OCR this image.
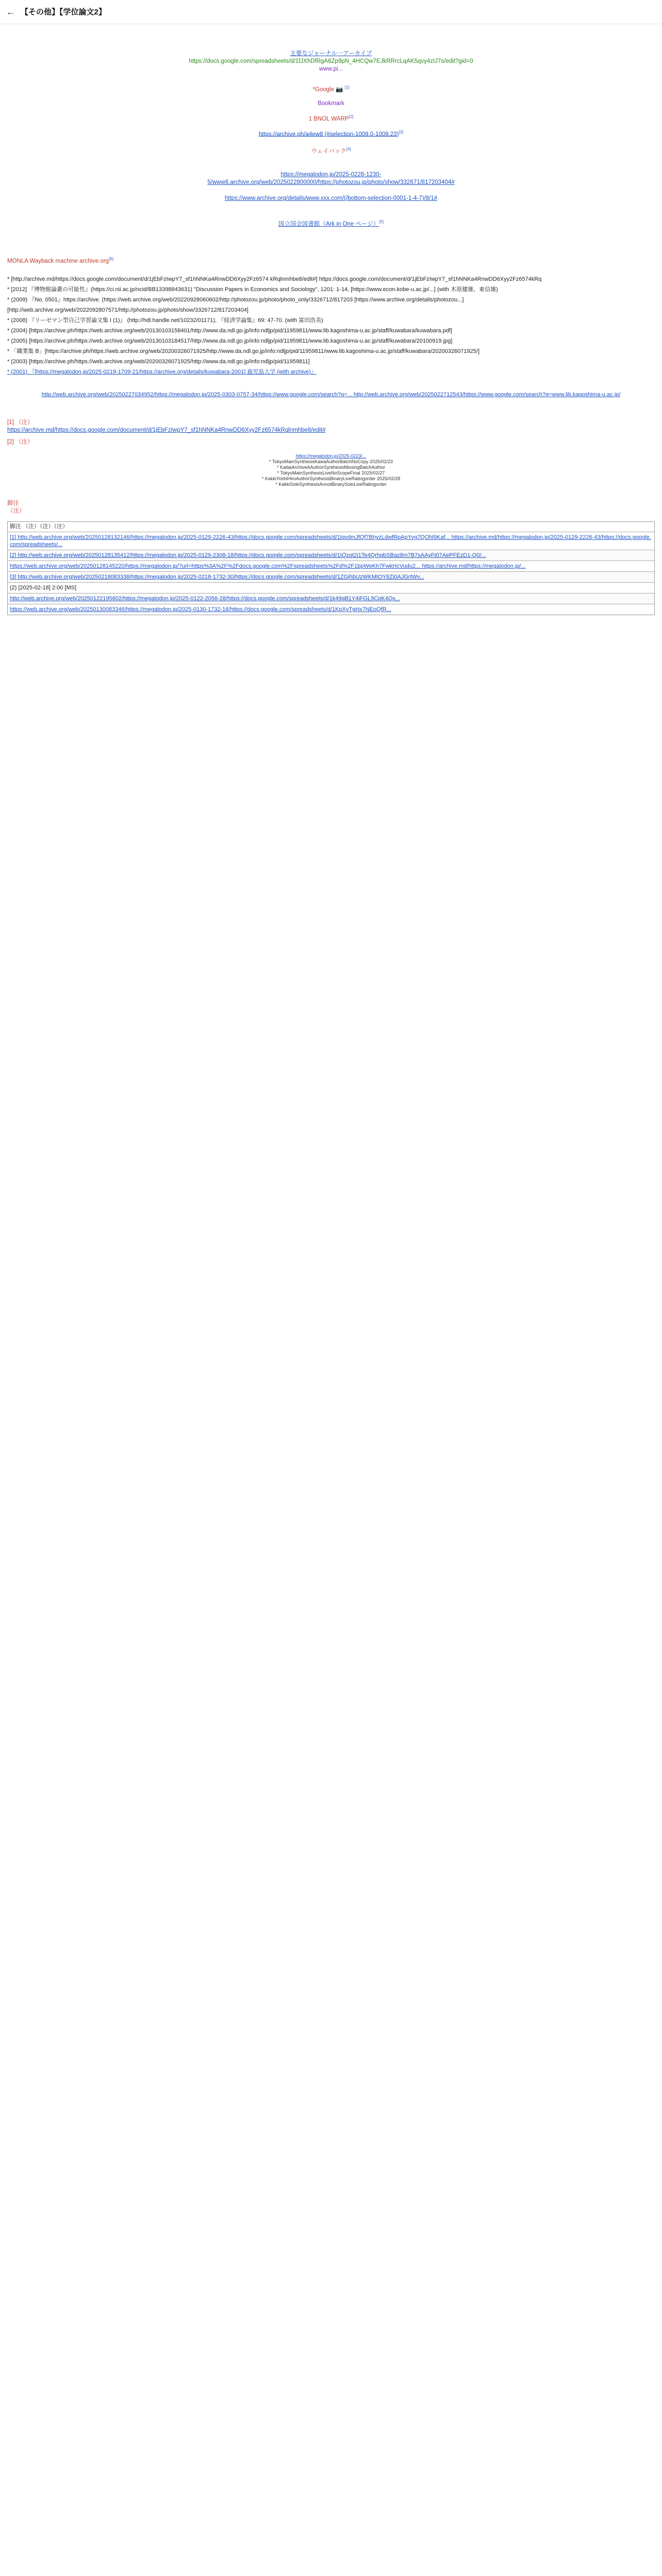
← 【その他】【学位論文2】
主要なジャーナル一アーカイブ
https://docs.google.com/spreadsheets/d/1fJXhDfRgA6Zp9pN_4HCQw7EJkRRrcLqAK5qvy4zIJ7s/edit?gid=0
www.pi...
*Google 📷 [1]
Bookmark
1 BNOL WARP[2]
https://archive.ph/a4ew8 (#selection-1009.0-1009.23)[3]
ウェイバック[4]
https://megalodon.jp/2025-0228-1230-
5/www6.archive.org/web/2025022800000/https://photozou.jp/photo/show/332671/817203404#
https://www.archive.org/details/www.xxx.com/(/bottom-selection-0001-1-4-7)/8/1#
国立国会図書館（Ark in One ページ）[5]
MONLA Wayback machine archive.org[6]

* [http://archive.md/https://docs.google.com/document/d/1jEbFzIwpY7_sf1hNNKa4RnwDD6Xyy2Fz6574 kRqlnmhbe8/edit#] https://docs.google.com/document/d/1jEbFzIwpY7_sf1hNNKa4RnwDD6Xyy2Fz6574kRq

* [2012] 『博物館論叢の可能性』(https://ci.nii.ac.jp/ncid/BB13398843631) "Discussion Papers in Economics and Sociology", 1201: 1-14, [https://www.econ.kobe-u.ac.jp/...] (with 木原健雄、東信雄)

* (2009) 『No. 0501』https://archive. (https://web.archive.org/web/20220928060602/http://photozou.jp/photo/photo_only/3326712/817203 [https://www.archive.org/details/photozou...]

[http://web.archive.org/web/2022092807571/http://photozou.jp/photo/show/3326712/817203404]

* (2008) 『リーゼマン型自己学習論文集 I (1)』 (http://hdl.handle.net/10232/01171), 『経済学論集』69: 47-70. (with 富田浩美)

* (2004) [https://archive.ph/https://web.archive.org/web/20130103158401/http://www.da.ndl.go.jp/info:ndljp/pid/11959811/www.lib.kagoshima-u.ac.jp/staff/kuwabara/kuwabara.pdf]

* (2005) [https://archive.ph/https://web.archive.org/web/20130103184517/http://www.da.ndl.go.jp/info:ndljp/pid/11959811/www.lib.kagoshima-u.ac.jp/staff/kuwabara/20100919.jpg]

* 「職業集 B」[https://archive.ph/https://web.archive.org/web/20200326071925/http://www.da.ndl.go.jp/info:ndljp/pid/11959811/www.lib.kagoshima-u.ac.jp/staff/kuwabara/20200326071925/]

* (2003) [https://archive.ph/https://web.archive.org/web/20200326071925/http://www.da.ndl.go.jp/info:ndljp/pid/11959811]

* (2001) 『[https://megalodon.jp/2025-0219-1709-21/https://archive.org/details/kuwabara-2001] 鹿児島大学 (with archive)』

http://web.archive.org/web/20250227034952/https://megalodon.jp/2025-0303-0757-34/https://www.google.com/search?q=... http://web.archive.org/web/2025022712543/https://www.google.com/search?q=www.lib.kagoshima-u.ac.jp/

[1] （注）
https://archive.md/https://docs.google.com/document/d/1jEbFzIwpY7_sf1hNNKa4RnwDD6Xyy2Fz6574kRqlnmhbe8/edit#
[2] （注）
https://megalodon.jp/2025-0223/...
* TokyoMainSynthesisKawaAuthorBatchNoCopy 2025/02/23
* KaitaiArchiveAAuthorSynthesisMissingBatchAuthor
* TokyoMainSynthesisLiveNoScopeFinal 2025/02/27
* KakkiYoshiHiroAuthorSynthesisBinaryLiveRatingorder 2025/02/28
* KakkiSoleSynthesisAnnotBinarySoloLiveRatingorder
脚注
（注）
脚注 （注）（注）（注）
[1] http://web.archive.org/web/20250128132146/https://megalodon.jp/2025-0129-2226-43/https://docs.google.com/spreadsheets/d/1lqvdmJfQf7BhyzLdwfRpApYvg7QOhl9Kaf... https://archive.md/https://megalodon.jp/2025-0129-2226-43/https://docs.google.com/spreadsheets/...
[2] http://web.archive.org/web/20250128135412/https://megalodon.jp/2025-0129-2308-18/https://docs.google.com/spreadsheets/d/1IQzqt2i1Te4QrhqbSBaz8m7B7sAAyFt07AePFEzD1-Q0/...
https://web.archive.org/web/20250128145220/https://megalodon.jp/?url=https%3A%2F%2Fdocs.google.com%2Fspreadsheets%2Fd%2F1bpWeKh7FwkHcVudu2... https://archive.md/https://megalodon.jp/...
[3] http://web.archive.org/web/20250218083338/https://megalodon.jp/2025-0218-1732-30/https://docs.google.com/spreadsheets/d/1ZGjhbUzWKMtOY8Zi0AJGrtWv...
(2) [2025-02-18] 2:00 [MS]
http://web.archive.org/web/20250122195602/https://megalodon.jp/2025-0122-2056-28/https://docs.google.com/spreadsheets/d/1k49qB1Y4iFGL9CpK4Qx...
https://web.archive.org/web/20250130083346/https://megalodon.jp/2025-0130-1732-16/https://docs.google.com/spreadsheets/d/1KpXyTgHx7NEoQfR...
